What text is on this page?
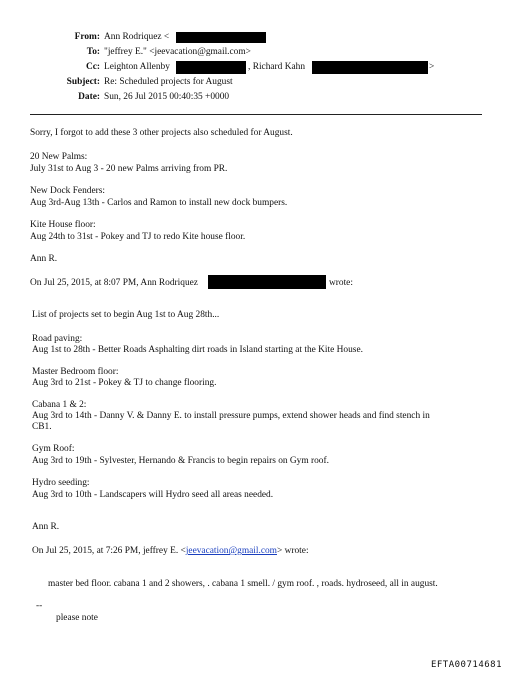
From: Ann Rodriquez <
To: "jeffrey E." <jeevacation@gmail.com>
Cc: Leighton Allenby	, Richard Kahn	>
Subject: Re: Scheduled projects for August
Date: Sun, 26 Jul 2015 00:40:35 +0000
Sorry, I forgot to add these 3 other projects also scheduled for August.
20 New Palms:
July 31st to Aug 3 - 20 new Palms arriving from PR.
New Dock Fenders:
Aug 3rd-Aug 13th - Carlos and Ramon to install new dock bumpers.
Kite House floor:
Aug 24th to 31st - Pokey and TJ to redo Kite house floor.
Ann R.
On Jul 25, 2015, at 8:07 PM, Ann Rodriquez	wrote:
List of projects set to begin Aug 1st to Aug 28th...
Road paving:
Aug 1st to 28th - Better Roads Asphalting dirt roads in Island starting at the Kite House.
Master Bedroom floor:
Aug 3rd to 21st - Pokey & TJ to change flooring.
Cabana 1 & 2:
Aug 3rd to 14th - Danny V. & Danny E. to install pressure pumps, extend shower heads and find stench in
CB1.
Gym Roof:
Aug 3rd to 19th - Sylvester, Hernando & Francis to begin repairs on Gym roof.
Hydro seeding:
Aug 3rd to 10th - Landscapers will Hydro seed all areas needed.
Ann R.
On Jul 25, 2015, at 7:26 PM, jeffrey E. <jeevacation@gmail.com> wrote:
master bed floor. cabana 1 and 2 showers, . cabana 1 smell. / gym roof. , roads. hydroseed, all in august.
--
please note
EFTA00714681
